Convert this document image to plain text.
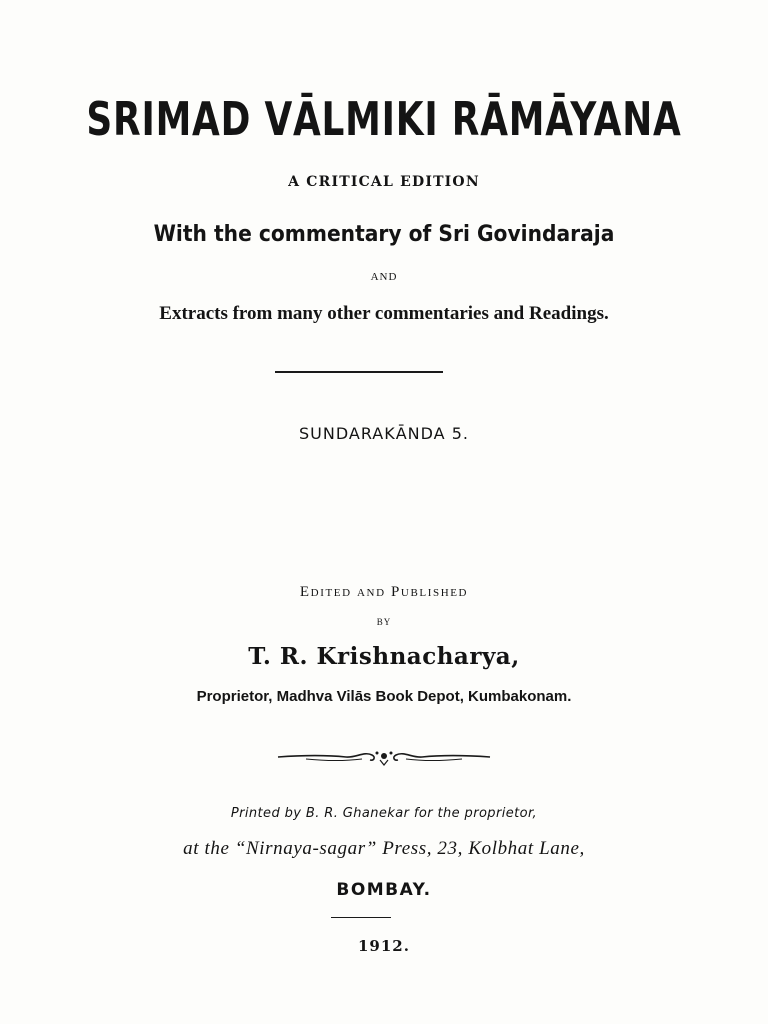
SRIMAD VĀLMIKI RĀMĀYANA
A CRITICAL EDITION
With the commentary of Sri Govindaraja
AND
Extracts from many other commentaries and Readings.
SUNDARAKĀNDA 5.
Edited and Published
BY
T. R. Krishnacharya,
Proprietor, Madhva Vilās Book Depot, Kumbakonam.
Printed by B. R. Ghanekar for the proprietor,
at the “Nirnaya-sagar” Press, 23, Kolbhat Lane,
BOMBAY.
1912.
